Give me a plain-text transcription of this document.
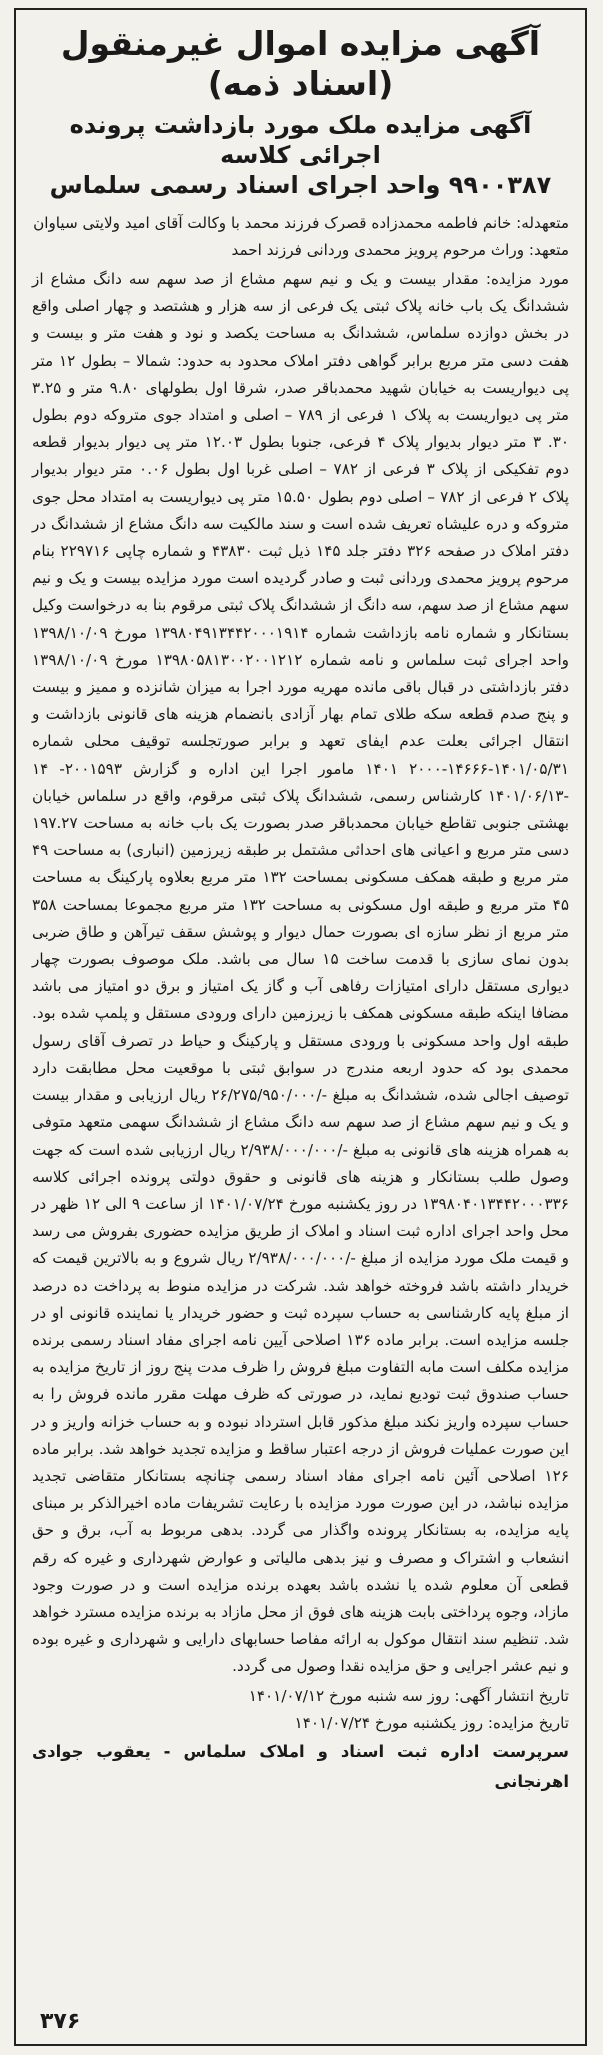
آگهی مزایده اموال غیرمنقول (اسناد ذمه)

آگهی مزایده ملک مورد بازداشت پرونده اجرائی کلاسه

۹۹۰۰۳۸۷ واحد اجرای اسناد رسمی سلماس

متعهدله: خانم فاطمه محمدزاده قصرک فرزند محمد با وکالت آقای امید ولایتی سیاوان

متعهد: وراث مرحوم پرویز محمدی وردانی فرزند احمد

مورد مزایده: مقدار بیست و یک و نیم سهم مشاع از صد سهم سه دانگ مشاع از ششدانگ یک باب خانه پلاک ثبتی یک فرعی از سه هزار و هشتصد و چهار اصلی واقع در بخش دوازده سلماس، ششدانگ به مساحت یکصد و نود و هفت متر و بیست و هفت دسی متر مربع برابر گواهی دفتر املاک محدود به حدود: شمالا – بطول ۱۲ متر پی دیواریست به خیابان شهید محمدباقر صدر، شرقا اول بطولهای ۹.۸۰ متر و ۳.۲۵ متر پی دیواریست به پلاک ۱ فرعی از ۷۸۹ – اصلی و امتداد جوی متروکه دوم بطول ۳۰. ۳ متر دیوار بدیوار پلاک ۴ فرعی، جنوبا بطول ۱۲.۰۳ متر پی دیوار بدیوار قطعه دوم تفکیکی از پلاک ۳ فرعی از ۷۸۲ – اصلی غربا اول بطول ۰.۰۶ متر دیوار بدیوار پلاک ۲ فرعی از ۷۸۲ – اصلی دوم بطول ۱۵.۵۰ متر پی دیواریست به امتداد محل جوی متروکه و دره علیشاه تعریف شده است و سند مالکیت سه دانگ مشاع از ششدانگ در دفتر املاک در صفحه ۳۲۶ دفتر جلد ۱۴۵ ذیل ثبت ۴۳۸۳۰ و شماره چاپی ۲۲۹۷۱۶ بنام مرحوم پرویز محمدی وردانی ثبت و صادر گردیده است مورد مزایده بیست و یک و نیم سهم مشاع از صد سهم، سه دانگ از ششدانگ پلاک ثبتی مرقوم بنا به درخواست وکیل بستانکار و شماره نامه بازداشت شماره ۱۳۹۸۰۴۹۱۳۴۴۲۰۰۰۱۹۱۴ مورخ ۱۳۹۸/۱۰/۰۹ واحد اجرای ثبت سلماس و نامه شماره ۱۳۹۸۰۵۸۱۳۰۰۲۰۰۱۲۱۲ مورخ ۱۳۹۸/۱۰/۰۹ دفتر بازداشتی در قبال باقی مانده مهریه مورد اجرا به میزان شانزده و ممیز و بیست و پنج صدم قطعه سکه طلای تمام بهار آزادی بانضمام هزینه های قانونی بازداشت و انتقال اجرائی بعلت عدم ایفای تعهد و برابر صورتجلسه توقیف محلی شماره ۱۴۰۱/۰۵/۳۱-۱۴۶۶۶-۲۰۰۰ ۱۴۰۱ مامور اجرا این اداره و گزارش ۲۰۰۱۵۹۳- ۱۴ -۱۴۰۱/۰۶/۱۳ کارشناس رسمی، ششدانگ پلاک ثبتی مرقوم، واقع در سلماس خیابان بهشتی جنوبی تقاطع خیابان محمدباقر صدر بصورت یک باب خانه به مساحت ۱۹۷.۲۷ دسی متر مربع و اعیانی های احداثی مشتمل بر طبقه زیرزمین (انباری) به مساحت ۴۹ متر مربع و طبقه همکف مسکونی بمساحت ۱۳۲ متر مربع بعلاوه پارکینگ به مساحت ۴۵ متر مربع و طبقه اول مسکونی به مساحت ۱۳۲ متر مربع مجموعا بمساحت ۳۵۸ متر مربع از نظر سازه ای بصورت حمال دیوار و پوشش سقف تیرآهن و طاق ضربی بدون نمای سازی با قدمت ساخت ۱۵ سال می باشد. ملک موصوف بصورت چهار دیواری مستقل دارای امتیازات رفاهی آب و گاز یک امتیاز و برق دو امتیاز می باشد مضافا اینکه طبقه مسکونی همکف با زیرزمین دارای ورودی مستقل و پلمپ شده بود. طبقه اول واحد مسکونی با ورودی مستقل و پارکینگ و حیاط در تصرف آقای رسول محمدی بود که حدود اربعه مندرج در سوابق ثبتی با موقعیت محل مطابقت دارد توصیف اجالی شده، ششدانگ به مبلغ -/۲۶/۲۷۵/۹۵۰/۰۰۰ ریال ارزیابی و مقدار بیست و یک و نیم سهم مشاع از صد سهم سه دانگ مشاع از ششدانگ سهمی متعهد متوفی به همراه هزینه های قانونی به مبلغ -/۲/۹۳۸/۰۰۰/۰۰۰ ریال ارزیابی شده است که جهت وصول طلب بستانکار و هزینه های قانونی و حقوق دولتی پرونده اجرائی کلاسه ۱۳۹۸۰۴۰۱۳۴۴۲۰۰۰۳۳۶ در روز یکشنبه مورخ ۱۴۰۱/۰۷/۲۴ از ساعت ۹ الی ۱۲ ظهر در محل واحد اجرای اداره ثبت اسناد و املاک از طریق مزایده حضوری بفروش می رسد و قیمت ملک مورد مزایده از مبلغ -/۲/۹۳۸/۰۰۰/۰۰۰ ریال شروع و به بالاترین قیمت که خریدار داشته باشد فروخته خواهد شد. شرکت در مزایده منوط به پرداخت ده درصد از مبلغ پایه کارشناسی به حساب سپرده ثبت و حضور خریدار یا نماینده قانونی او در جلسه مزایده است. برابر ماده ۱۳۶ اصلاحی آیین نامه اجرای مفاد اسناد رسمی برنده مزایده مکلف است مابه التفاوت مبلغ فروش را ظرف مدت پنج روز از تاریخ مزایده به حساب صندوق ثبت تودیع نماید، در صورتی که ظرف مهلت مقرر مانده فروش را به حساب سپرده واریز نکند مبلغ مذکور قابل استرداد نبوده و به حساب خزانه واریز و در این صورت عملیات فروش از درجه اعتبار ساقط و مزایده تجدید خواهد شد. برابر ماده ۱۲۶ اصلاحی آئین نامه اجرای مفاد اسناد رسمی چنانچه بستانکار متقاضی تجدید مزایده نباشد، در این صورت مورد مزایده با رعایت تشریفات ماده اخیرالذکر بر مبنای پایه مزایده، به بستانکار پرونده واگذار می گردد. بدهی مربوط به آب، برق و حق انشعاب و اشتراک و مصرف و نیز بدهی مالیاتی و عوارض شهرداری و غیره که رقم قطعی آن معلوم شده یا نشده باشد بعهده برنده مزایده است و در صورت وجود مازاد، وجوه پرداختی بابت هزینه های فوق از محل مازاد به برنده مزایده مسترد خواهد شد. تنظیم سند انتقال موکول به ارائه مفاصا حسابهای دارایی و شهرداری و غیره بوده و نیم عشر اجرایی و حق مزایده نقدا وصول می گردد.

تاریخ انتشار آگهی: روز سه شنبه مورخ ۱۴۰۱/۰۷/۱۲

تاریخ مزایده: روز یکشنبه مورخ ۱۴۰۱/۰۷/۲۴

سرپرست اداره ثبت اسناد و املاک سلماس - یعقوب جوادی اهرنجانی

۳۷۶
